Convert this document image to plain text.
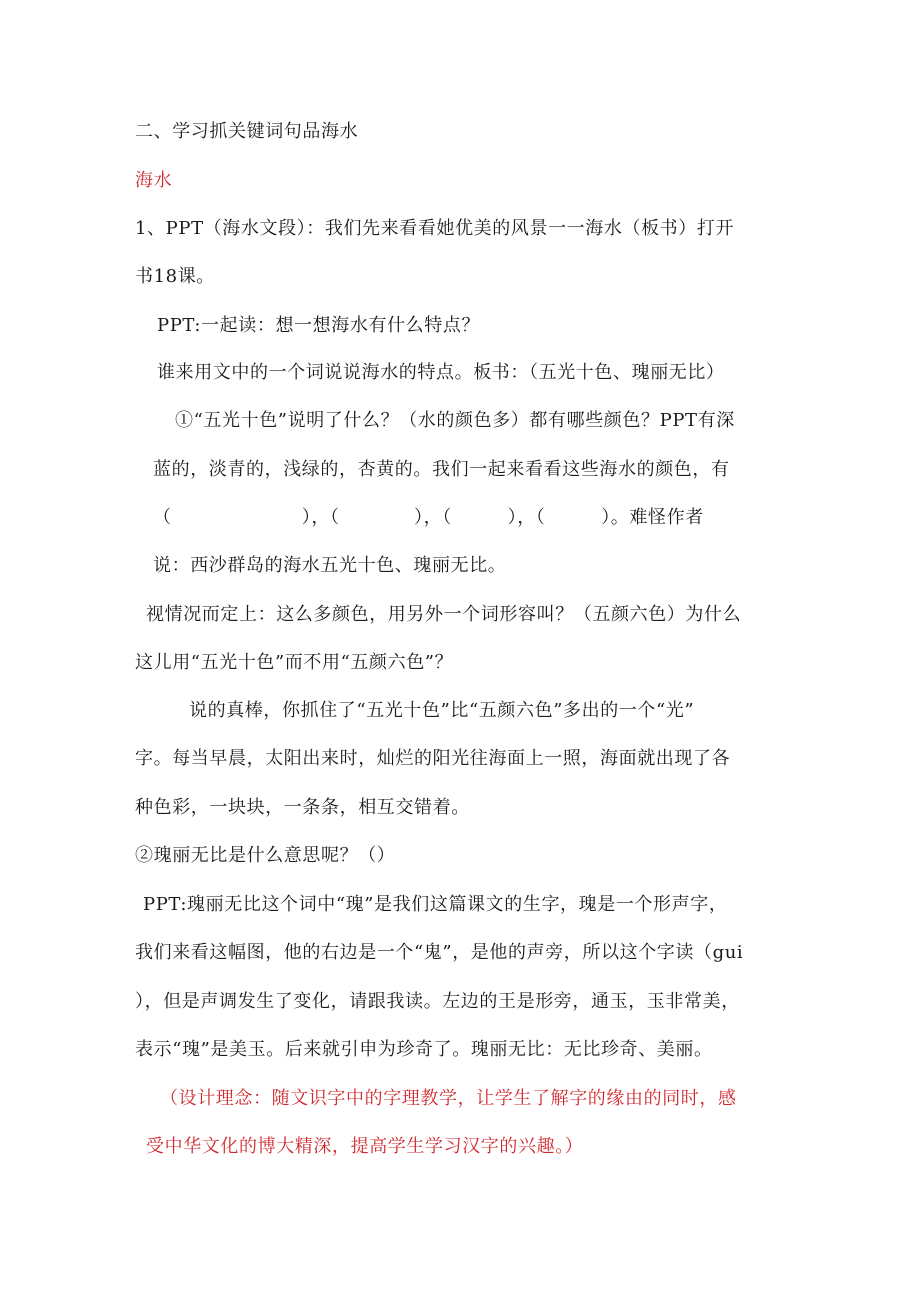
二、学习抓关键词句品海水
海水
1、PPT（海水文段）：我们先来看看她优美的风景一一海水（板书）打开
书18课。
PPT:一起读：想一想海水有什么特点？
谁来用文中的一个词说说海水的特点。板书：（五光十色、瑰丽无比）
①“五光十色”说明了什么？（水的颜色多）都有哪些颜色？PPT有深
蓝的，淡青的，浅绿的，杏黄的。我们一起来看看这些海水的颜色，有
（　　　　　　　），（　　　　），（　　　），（　　　）。难怪作者
说：西沙群岛的海水五光十色、瑰丽无比。
视情况而定上：这么多颜色，用另外一个词形容叫？（五颜六色）为什么
这儿用“五光十色”而不用“五颜六色”？
说的真棒，你抓住了“五光十色”比“五颜六色”多出的一个“光”
字。每当早晨，太阳出来时，灿烂的阳光往海面上一照，海面就出现了各
种色彩，一块块，一条条，相互交错着。
②瑰丽无比是什么意思呢？（）
PPT:瑰丽无比这个词中“瑰”是我们这篇课文的生字，瑰是一个形声字，
我们来看这幅图，他的右边是一个“鬼”，是他的声旁，所以这个字读（gui
），但是声调发生了变化，请跟我读。左边的王是形旁，通玉，玉非常美，
表示“瑰”是美玉。后来就引申为珍奇了。瑰丽无比：无比珍奇、美丽。
（设计理念：随文识字中的字理教学，让学生了解字的缘由的同时，感
受中华文化的博大精深，提高学生学习汉字的兴趣。）
